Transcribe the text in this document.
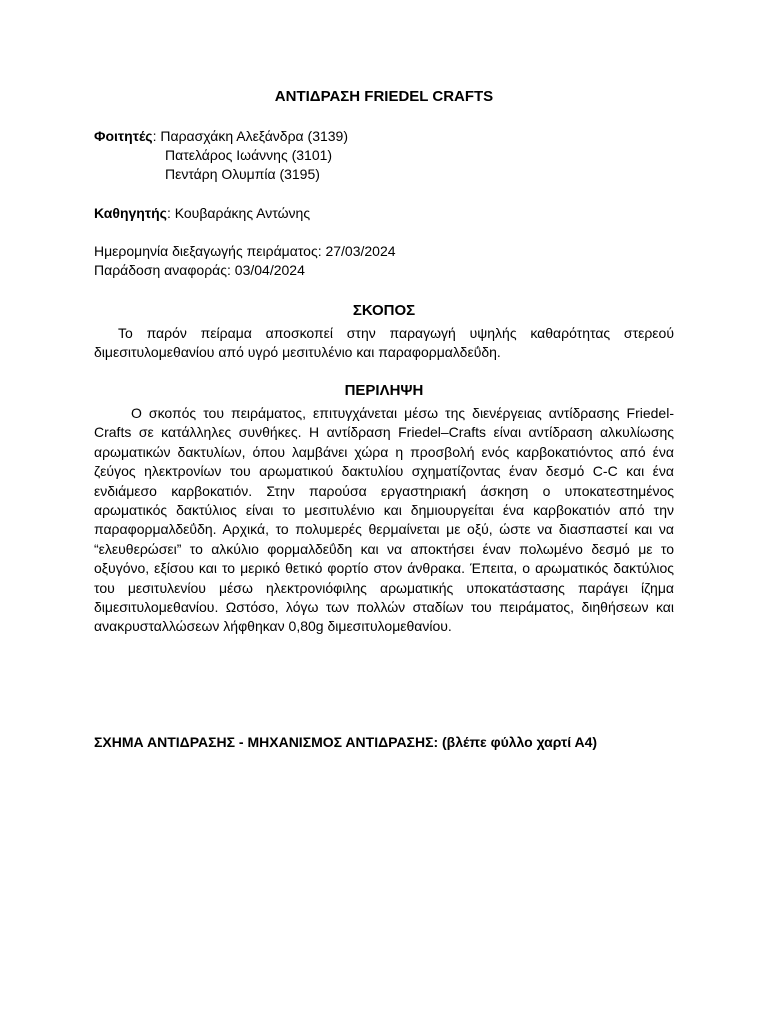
ΑΝΤΙΔΡΑΣΗ FRIEDEL CRAFTS
Φοιτητές: Παρασχάκη Αλεξάνδρα (3139)
Πατελάρος Ιωάννης (3101)
Πεντάρη Ολυμπία (3195)
Καθηγητής: Κουβαράκης Αντώνης
Ημερομηνία διεξαγωγής πειράματος: 27/03/2024
Παράδοση αναφοράς: 03/04/2024
ΣΚΟΠΟΣ
Το παρόν πείραμα αποσκοπεί στην παραγωγή υψηλής καθαρότητας στερεού διμεσιτυλομεθανίου από υγρό μεσιτυλένιο και παραφορμαλδεΰδη.
ΠΕΡΙΛΗΨΗ
Ο σκοπός του πειράματος, επιτυγχάνεται μέσω της διενέργειας αντίδρασης Friedel-Crafts σε κατάλληλες συνθήκες. Η αντίδραση Friedel–Crafts είναι αντίδραση αλκυλίωσης αρωματικών δακτυλίων, όπου λαμβάνει χώρα η προσβολή ενός καρβοκατιόντος από ένα ζεύγος ηλεκτρονίων του αρωματικού δακτυλίου σχηματίζοντας έναν δεσμό C-C και ένα ενδιάμεσο καρβοκατιόν. Στην παρούσα εργαστηριακή άσκηση ο υποκατεστημένος αρωματικός δακτύλιος είναι το μεσιτυλένιο και δημιουργείται ένα καρβοκατιόν από την παραφορμαλδεΰδη. Αρχικά, το πολυμερές θερμαίνεται με οξύ, ώστε να διασπαστεί και να “ελευθερώσει” το αλκύλιο φορμαλδεΰδη και να αποκτήσει έναν πολωμένο δεσμό με το οξυγόνο, εξίσου και το μερικό θετικό φορτίο στον άνθρακα. Έπειτα, ο αρωματικός δακτύλιος του μεσιτυλενίου μέσω ηλεκτρονιόφιλης αρωματικής υποκατάστασης παράγει ίζημα διμεσιτυλομεθανίου. Ωστόσο, λόγω των πολλών σταδίων του πειράματος, διηθήσεων και ανακρυσταλλώσεων λήφθηκαν 0,80g διμεσιτυλομεθανίου.
ΣΧΗΜΑ ΑΝΤΙΔΡΑΣΗΣ - ΜΗΧΑΝΙΣΜΟΣ ΑΝΤΙΔΡΑΣΗΣ: (βλέπε φύλλο χαρτί Α4)
